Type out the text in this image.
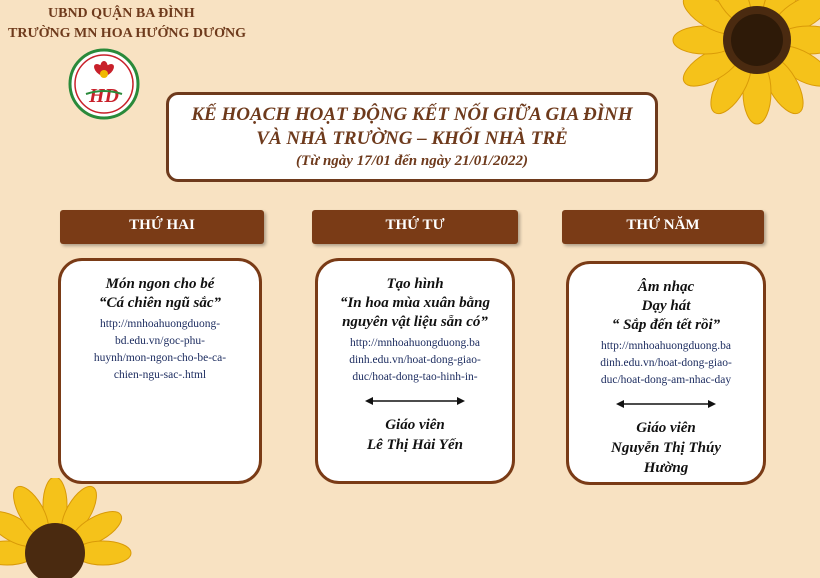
UBND QUẬN BA ĐÌNH
TRƯỜNG MN HOA HƯỚNG DƯƠNG
HD
KẾ HOẠCH HOẠT ĐỘNG KẾT NỐI GIỮA GIA ĐÌNH
VÀ NHÀ TRƯỜNG – KHỐI NHÀ TRẺ
(Từ ngày 17/01 đến ngày 21/01/2022)
THỨ HAI	THỨ TƯ	THỨ NĂM
Món ngon cho bé
“Cá chiên ngũ sắc”
http://mnhoahuongduong-
bd.edu.vn/goc-phu-
huynh/mon-ngon-cho-be-ca-
chien-ngu-sac-.html
Tạo hình
“In hoa mùa xuân bằng
nguyên vật liệu sẵn có”
http://mnhoahuongduong.ba
dinh.edu.vn/hoat-dong-giao-
duc/hoat-dong-tao-hinh-in-
Giáo viên
Lê Thị Hải Yến
Âm nhạc
Dạy hát
“ Sắp đến tết rồi”
http://mnhoahuongduong.ba
dinh.edu.vn/hoat-dong-giao-
duc/hoat-dong-am-nhac-day
Giáo viên
Nguyễn Thị Thúy
Hường
